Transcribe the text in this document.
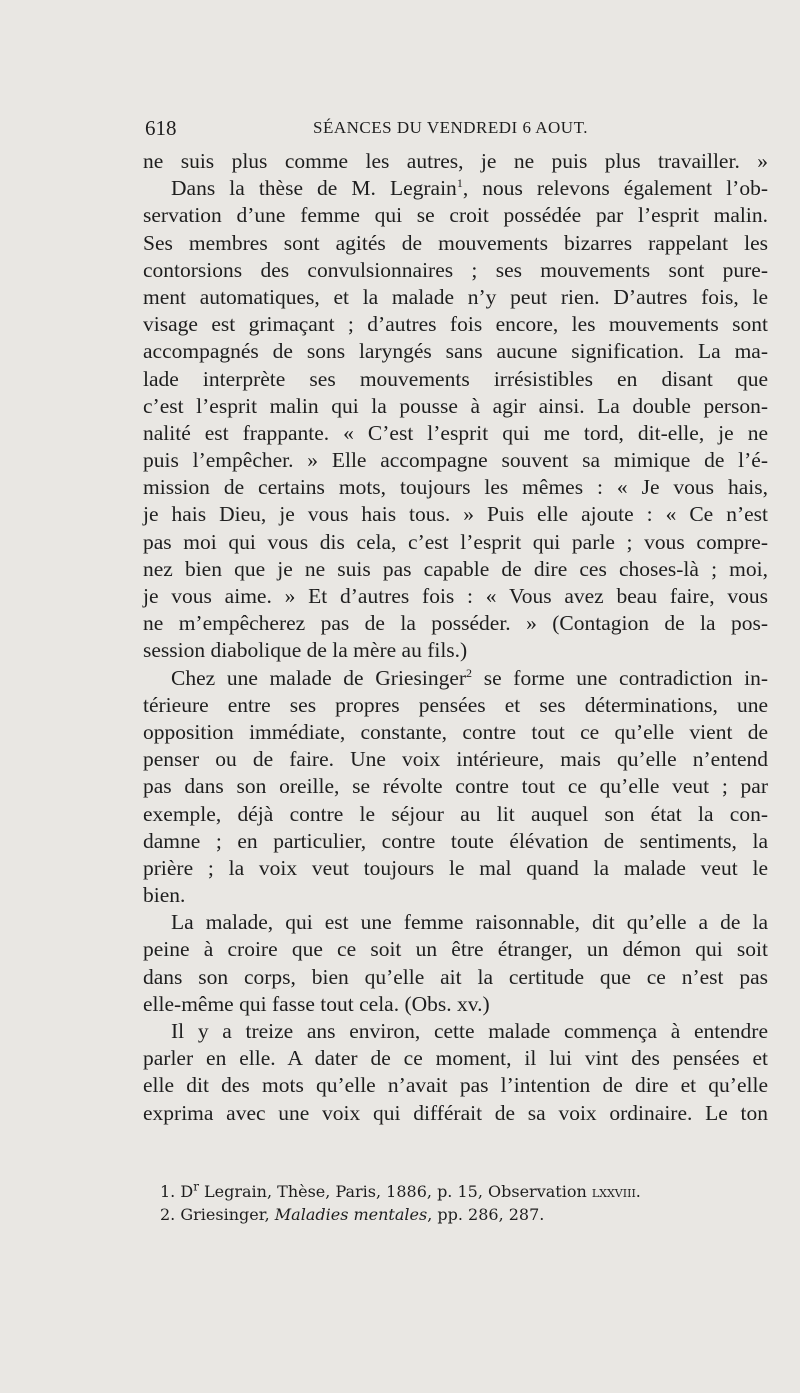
618	SÉANCES DU VENDREDI 6 AOUT.
ne suis plus comme les autres, je ne puis plus travailler. »
Dans la thèse de M. Legrain$^1$, nous relevons également l’ob-
servation d’une femme qui se croit possédée par l’esprit malin.
Ses membres sont agités de mouvements bizarres rappelant les
contorsions des convulsionnaires ; ses mouvements sont pure-
ment automatiques, et la malade n’y peut rien. D’autres fois, le
visage est grimaçant ; d’autres fois encore, les mouvements sont
accompagnés de sons laryngés sans aucune signification. La ma-
lade interprète ses mouvements irrésistibles en disant que
c’est l’esprit malin qui la pousse à agir ainsi. La double person-
nalité est frappante. « C’est l’esprit qui me tord, dit-elle, je ne
puis l’empêcher. » Elle accompagne souvent sa mimique de l’é-
mission de certains mots, toujours les mêmes : « Je vous hais,
je hais Dieu, je vous hais tous. » Puis elle ajoute : « Ce n’est
pas moi qui vous dis cela, c’est l’esprit qui parle ; vous compre-
nez bien que je ne suis pas capable de dire ces choses-là ; moi,
je vous aime. » Et d’autres fois : « Vous avez beau faire, vous
ne m’empêcherez pas de la posséder. » (Contagion de la pos-
session diabolique de la mère au fils.)
Chez une malade de Griesinger$^2$ se forme une contradiction in-
térieure entre ses propres pensées et ses déterminations, une
opposition immédiate, constante, contre tout ce qu’elle vient de
penser ou de faire. Une voix intérieure, mais qu’elle n’entend
pas dans son oreille, se révolte contre tout ce qu’elle veut ; par
exemple, déjà contre le séjour au lit auquel son état la con-
damne ; en particulier, contre toute élévation de sentiments, la
prière ; la voix veut toujours le mal quand la malade veut le
bien.
La malade, qui est une femme raisonnable, dit qu’elle a de la
peine à croire que ce soit un être étranger, un démon qui soit
dans son corps, bien qu’elle ait la certitude que ce n’est pas
elle-même qui fasse tout cela. (Obs. xv.)
Il y a treize ans environ, cette malade commença à entendre
parler en elle. A dater de ce moment, il lui vint des pensées et
elle dit des mots qu’elle n’avait pas l’intention de dire et qu’elle
exprima avec une voix qui différait de sa voix ordinaire. Le ton
1. $D^r$ Legrain, Thèse, Paris, 1886, p. 15, Observation lxxviii.
2. Griesinger, Maladies mentales, pp. 286, 287.
